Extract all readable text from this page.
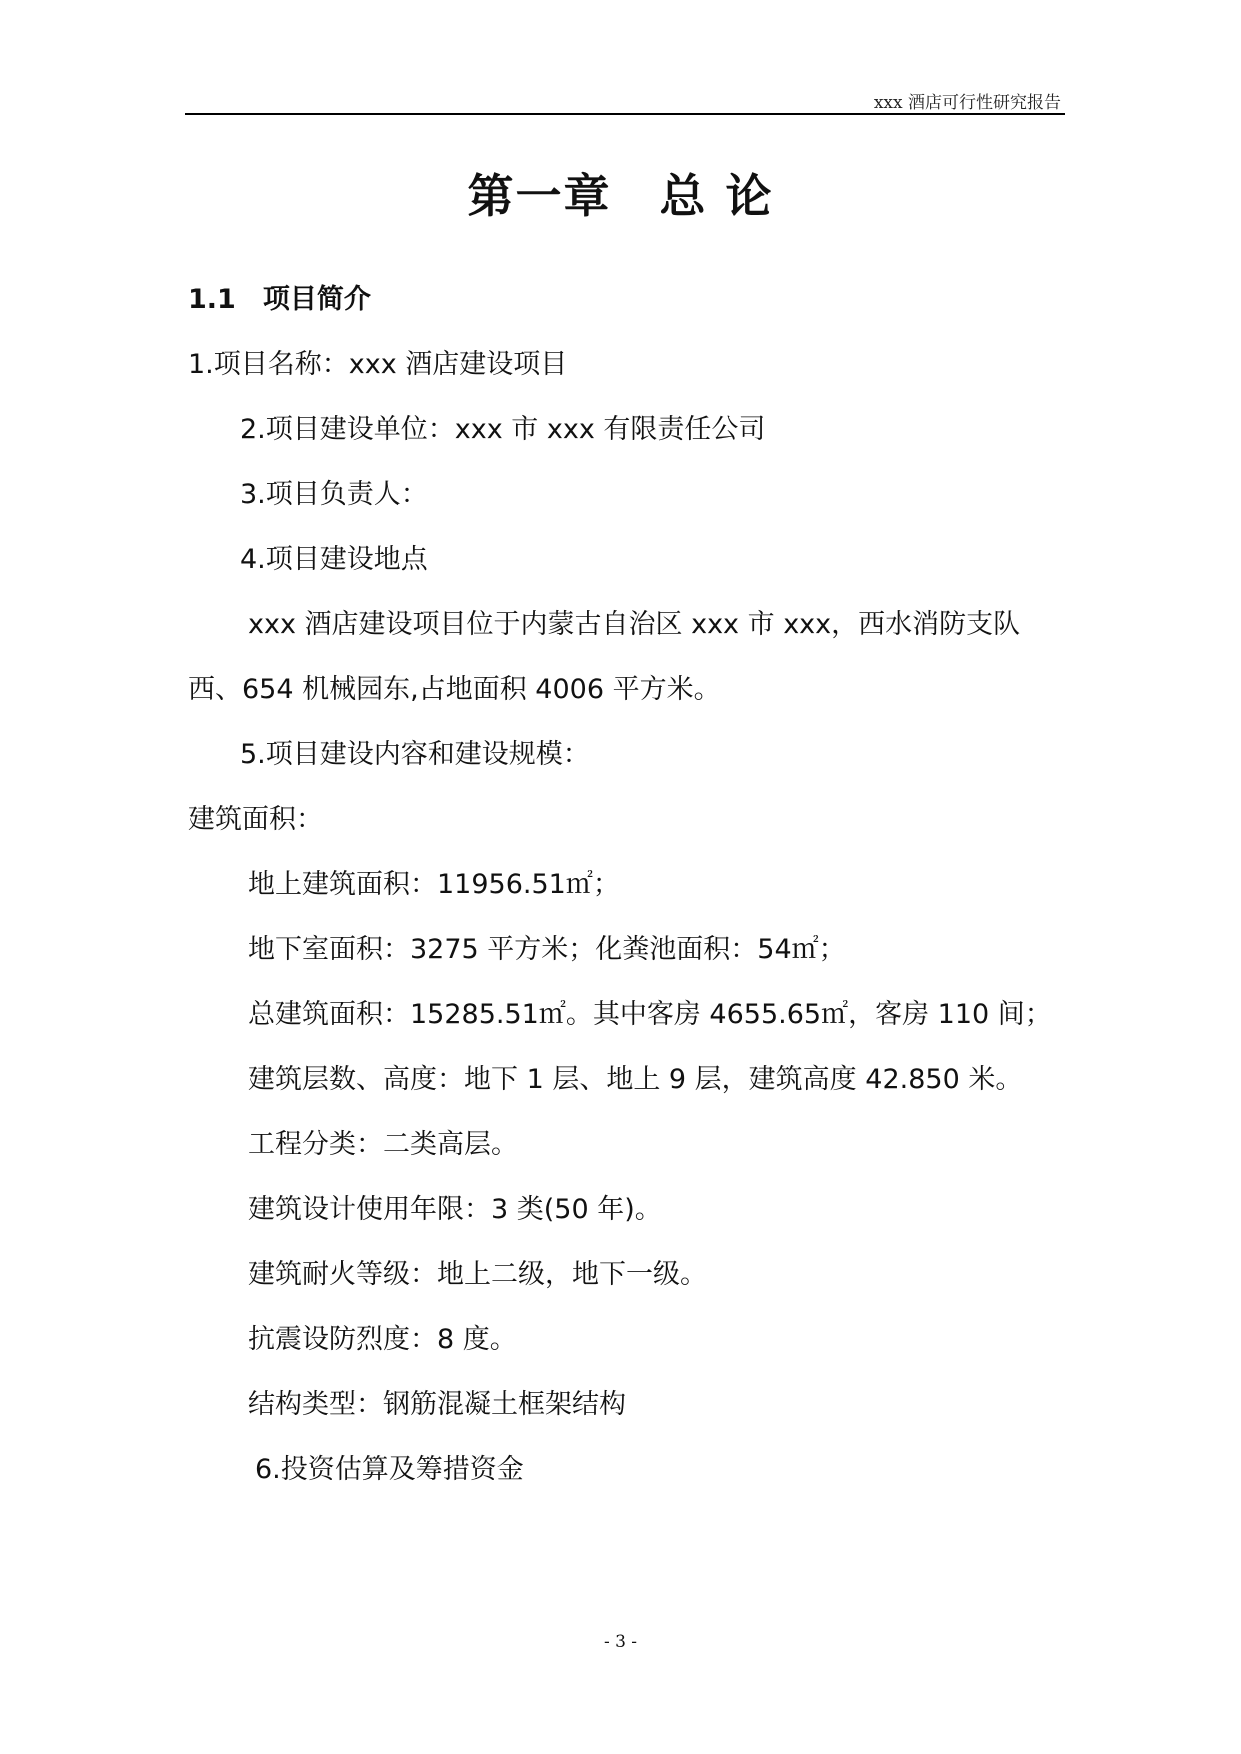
xxx 酒店可行性研究报告
第一章　总 论
1.1　项目简介
1.项目名称：xxx 酒店建设项目
2.项目建设单位：xxx 市 xxx 有限责任公司
3.项目负责人：
4.项目建设地点
xxx 酒店建设项目位于内蒙古自治区 xxx 市 xxx，西水消防支队
西、654 机械园东,占地面积 4006 平方米。
5.项目建设内容和建设规模：
建筑面积：
地上建筑面积：11956.51㎡；
地下室面积：3275 平方米；化粪池面积：54㎡；
总建筑面积：15285.51㎡。其中客房 4655.65㎡，客房 110 间；
建筑层数、高度：地下 1 层、地上 9 层，建筑高度 42.850 米。
工程分类：二类高层。
建筑设计使用年限：3 类(50 年)。
建筑耐火等级：地上二级，地下一级。
抗震设防烈度：8 度。
结构类型：钢筋混凝土框架结构
6.投资估算及筹措资金
- 3 -
